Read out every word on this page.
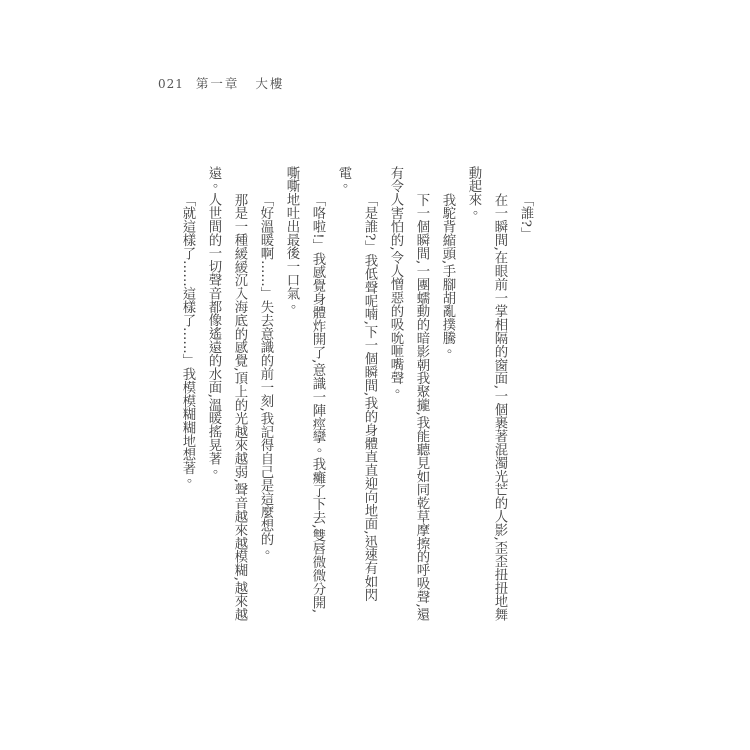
021 第一章 大樓

「誰?」

在一瞬間,在眼前一掌相隔的窗面,一個裹著混濁光芒的人影,歪歪扭扭地舞動起來。

我駝背縮頭,手腳胡亂撲騰。

下一個瞬間,一團蠕動的暗影朝我聚攏,我能聽見如同乾草摩擦的呼吸聲,還有令人害怕的,令人憎惡的吸吮咂嘴聲。

「是誰?」我低聲呢喃,下一個瞬間,我的身體直直迎向地面,迅速有如閃電。

「咯啦!」我感覺身體炸開了,意識一陣痙攣。我癱了下去,雙唇微微分開,嘶嘶地吐出最後一口氣。

「好溫暖啊……」失去意識的前一刻,我記得自己是這麼想的。

那是一種緩緩沉入海底的感覺,頂上的光越來越弱,聲音越來越模糊,越來越遠。人世間的一切聲音都像遙遠的水面,溫暖搖晃著。

「就這樣了……這樣了……」我模模糊糊地想著。
